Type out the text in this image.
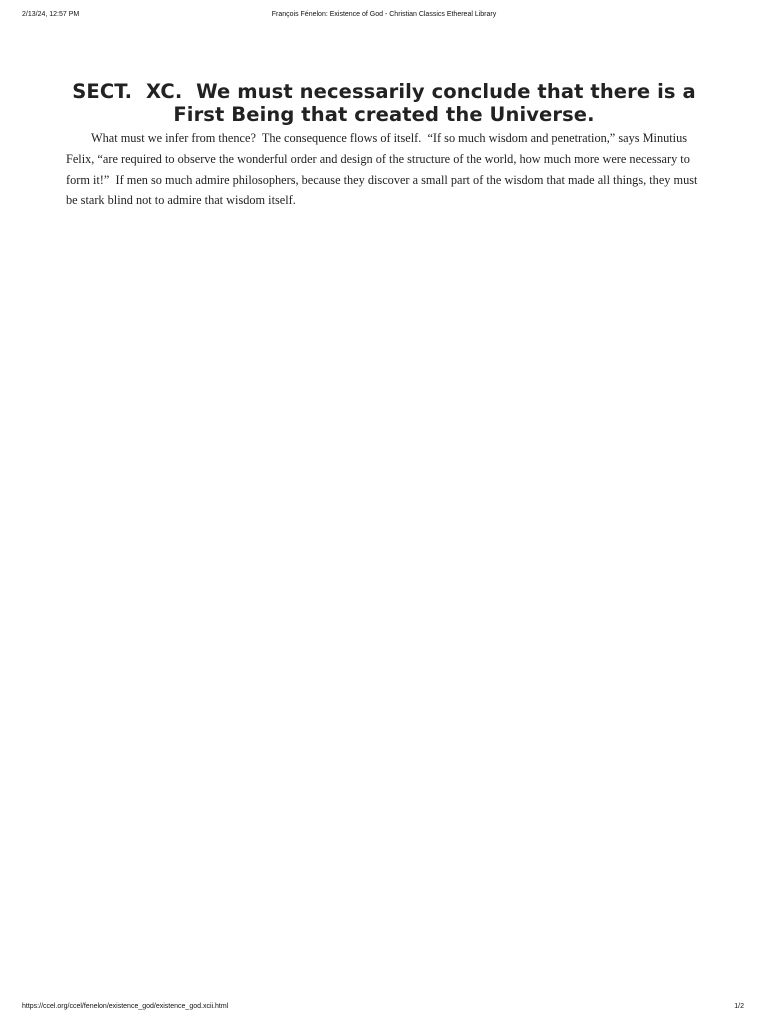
2/13/24, 12:57 PM	François Fénelon: Existence of God - Christian Classics Ethereal Library
SECT.  XC.  We must necessarily conclude that there is a First Being that created the Universe.

What must we infer from thence?  The consequence flows of itself.  “If so much wisdom and penetration,” says Minutius Felix, “are required to observe the wonderful order and design of the structure of the world, how much more were necessary to form it!”  If men so much admire philosophers, because they discover a small part of the wisdom that made all things, they must be stark blind not to admire that wisdom itself.

https://ccel.org/ccel/fenelon/existence_god/existence_god.xcii.html	1/2
